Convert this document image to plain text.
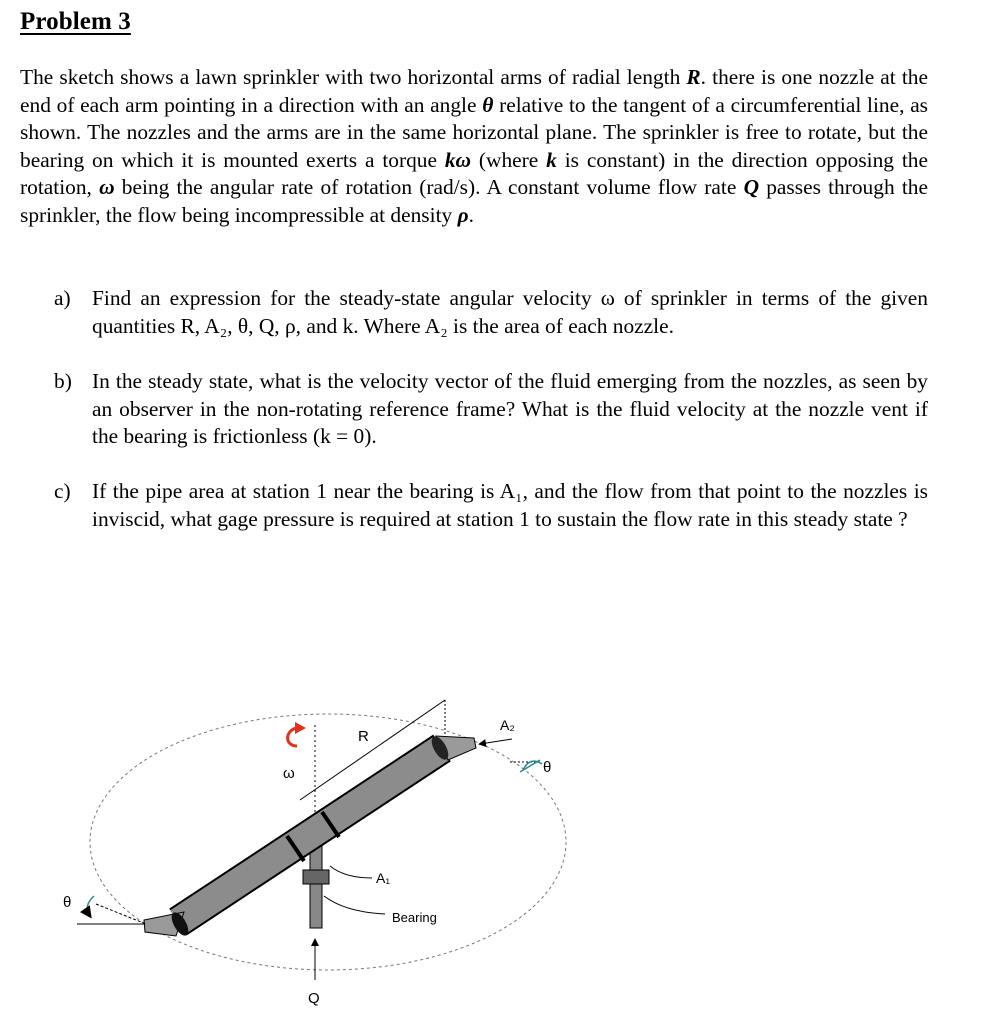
Problem 3
The sketch shows a lawn sprinkler with two horizontal arms of radial length R. there is one nozzle at the end of each arm pointing in a direction with an angle θ relative to the tangent of a circumferential line, as shown. The nozzles and the arms are in the same horizontal plane. The sprinkler is free to rotate, but the bearing on which it is mounted exerts a torque kω (where k is constant) in the direction opposing the rotation, ω being the angular rate of rotation (rad/s). A constant volume flow rate Q passes through the sprinkler, the flow being incompressible at density ρ.
a) Find an expression for the steady-state angular velocity ω of sprinkler in terms of the given quantities R, A₂, θ, Q, ρ, and k. Where A₂ is the area of each nozzle.
b) In the steady state, what is the velocity vector of the fluid emerging from the nozzles, as seen by an observer in the non-rotating reference frame? What is the fluid velocity at the nozzle vent if the bearing is frictionless (k = 0).
c) If the pipe area at station 1 near the bearing is A₁, and the flow from that point to the nozzles is inviscid, what gage pressure is required at station 1 to sustain the flow rate in this steady state ?
R
A₂
θ
θ
ω
A₁
Bearing
Q
